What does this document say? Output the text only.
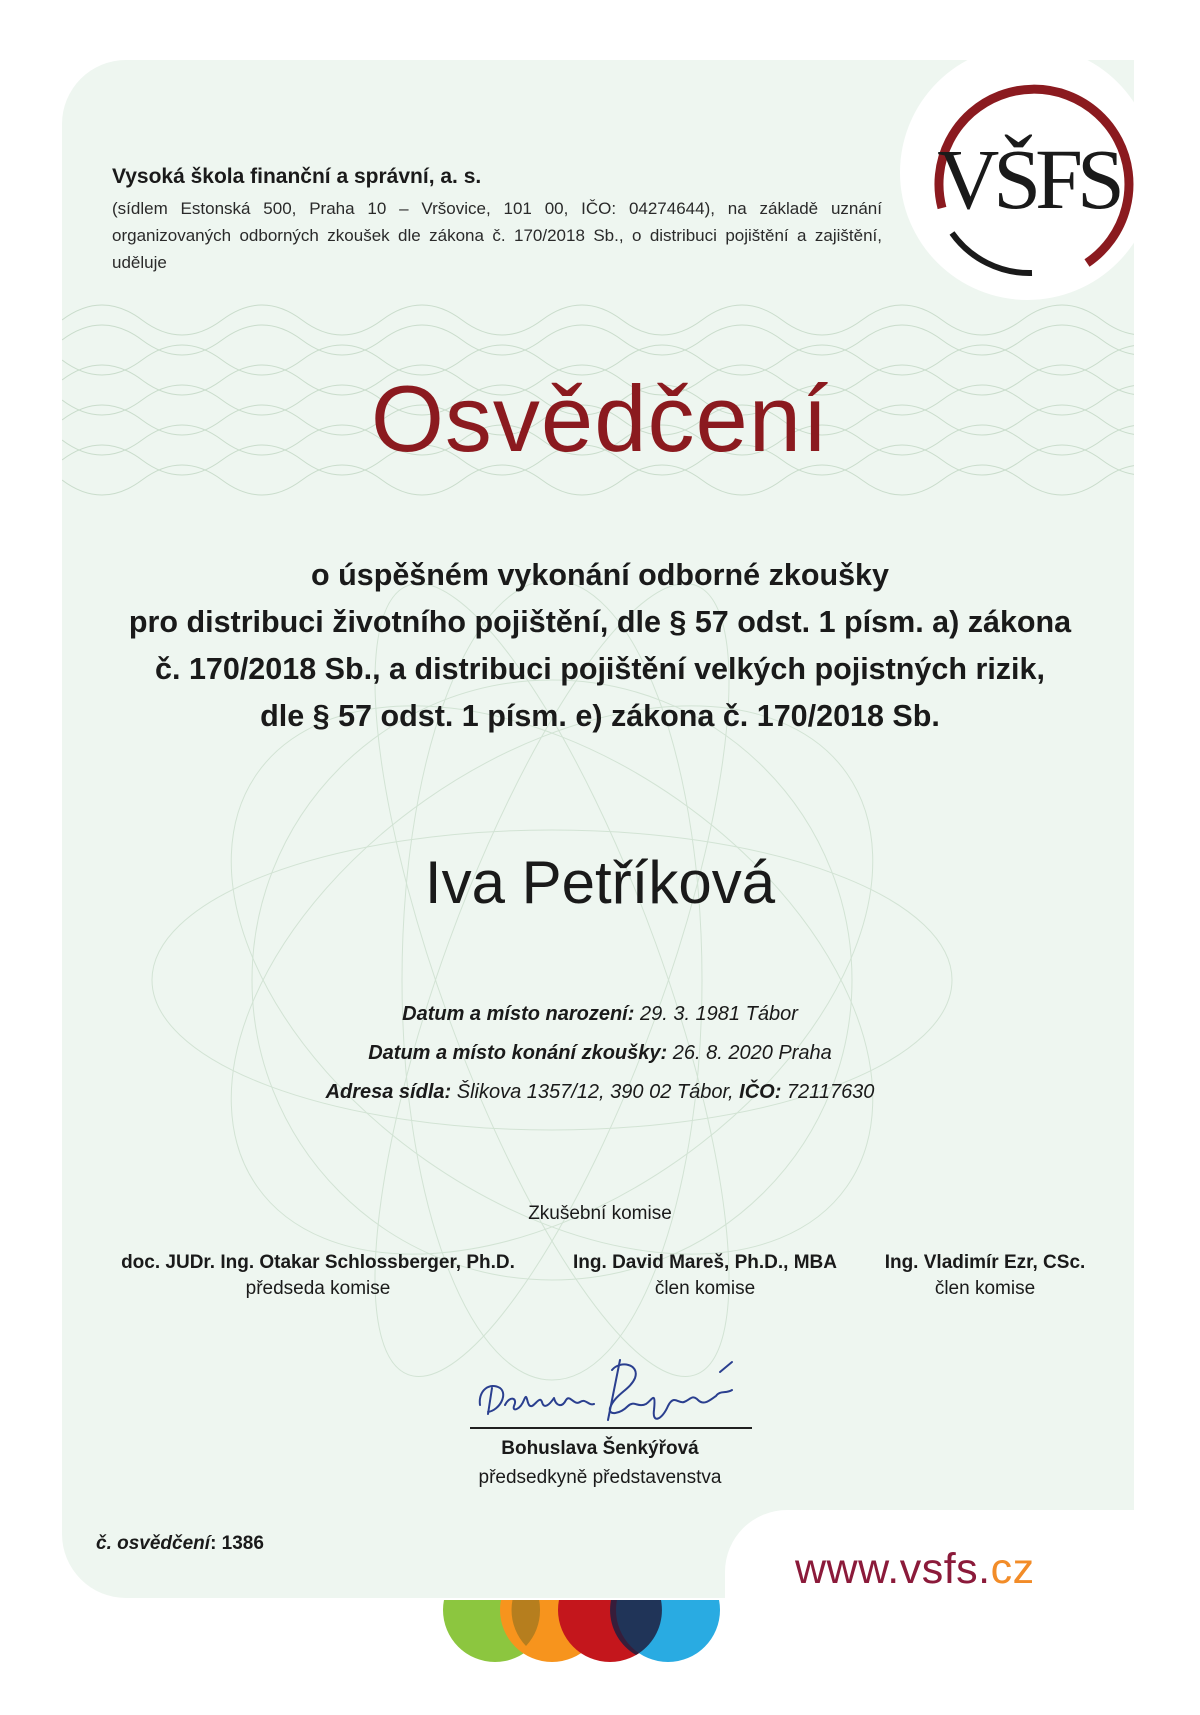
VŠFS

Vysoká škola finanční a správní, a. s.

(sídlem Estonská 500, Praha 10 – Vršovice, 101 00, IČO: 04274644), na základě uznání organizovaných odborných zkoušek dle zákona č. 170/2018 Sb., o distribuci pojištění a zajištění, uděluje

Osvědčení
o úspěšném vykonání odborné zkoušky
pro distribuci životního pojištění, dle § 57 odst. 1 písm. a) zákona
č. 170/2018 Sb., a distribuci pojištění velkých pojistných rizik,
dle § 57 odst. 1 písm. e) zákona č. 170/2018 Sb.
Iva Petříková
Datum a místo narození: 29. 3. 1981 Tábor
Datum a místo konání zkoušky: 26. 8. 2020 Praha
Adresa sídla: Šlikova 1357/12, 390 02 Tábor, IČO: 72117630
Zkušební komise
doc. JUDr. Ing. Otakar Schlossberger, Ph.D.
předseda komise
Ing. David Mareš, Ph.D., MBA
člen komise
Ing. Vladimír Ezr, CSc.
člen komise
Bohuslava Šenkýřová
předsedkyně představenstva
č. osvědčení: 1386
www.vsfs.cz
